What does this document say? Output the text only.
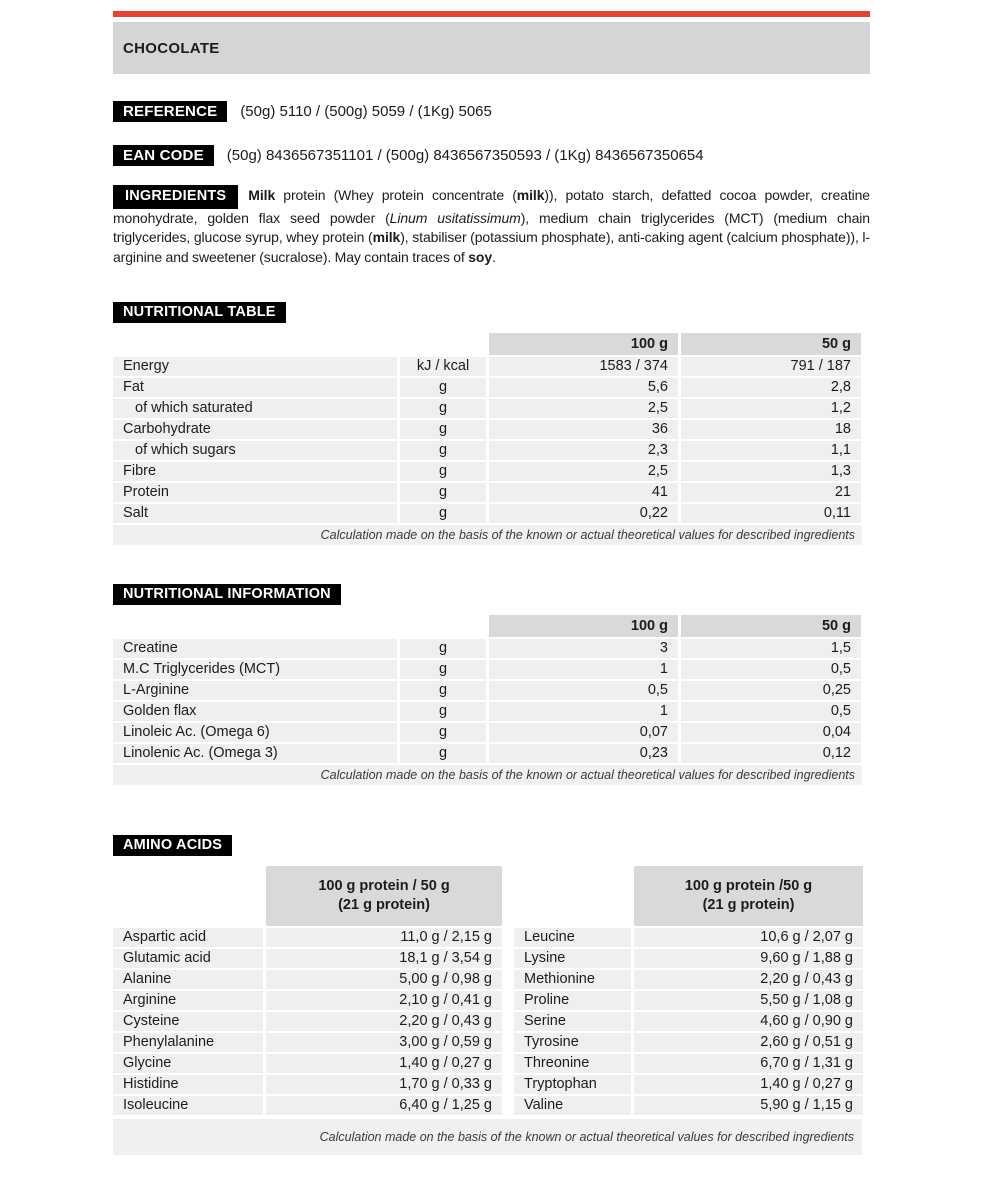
CHOCOLATE
REFERENCE	(50g) 5110 / (500g) 5059 / (1Kg) 5065
EAN CODE	(50g) 8436567351101 / (500g) 8436567350593 / (1Kg) 8436567350654
INGREDIENTS Milk protein (Whey protein concentrate (milk)), potato starch, defatted cocoa powder, creatine monohydrate, golden flax seed powder (Linum usitatissimum), medium chain triglycerides (MCT) (medium chain triglycerides, glucose syrup, whey protein (milk), stabiliser (potassium phosphate), anti-caking agent (calcium phosphate)), l-arginine and sweetener (sucralose). May contain traces of soy.
NUTRITIONAL TABLE
100 g	50 g
Energy	kJ / kcal	1583 / 374	791 / 187
Fat	g	5,6	2,8
of which saturated	g	2,5	1,2
Carbohydrate	g	36	18
of which sugars	g	2,3	1,1
Fibre	g	2,5	1,3
Protein	g	41	21
Salt	g	0,22	0,11
Calculation made on the basis of the known or actual theoretical values for described ingredients
NUTRITIONAL INFORMATION
100 g	50 g
Creatine	g	3	1,5
M.C Triglycerides (MCT)	g	1	0,5
L-Arginine	g	0,5	0,25
Golden flax	g	1	0,5
Linoleic Ac. (Omega 6)	g	0,07	0,04
Linolenic Ac. (Omega 3)	g	0,23	0,12
Calculation made on the basis of the known or actual theoretical values for described ingredients
AMINO ACIDS
100 g protein / 50 g
(21 g protein)
Aspartic acid	11,0 g / 2,15 g
Glutamic acid	18,1 g / 3,54 g
Alanine	5,00 g / 0,98 g
Arginine	2,10 g / 0,41 g
Cysteine	2,20 g / 0,43 g
Phenylalanine	3,00 g / 0,59 g
Glycine	1,40 g / 0,27 g
Histidine	1,70 g / 0,33 g
Isoleucine	6,40 g / 1,25 g
100 g protein /50 g
(21 g protein)
Leucine	10,6 g / 2,07 g
Lysine	9,60 g / 1,88 g
Methionine	2,20 g / 0,43 g
Proline	5,50 g / 1,08 g
Serine	4,60 g / 0,90 g
Tyrosine	2,60 g / 0,51 g
Threonine	6,70 g / 1,31 g
Tryptophan	1,40 g / 0,27 g
Valine	5,90 g / 1,15 g
Calculation made on the basis of the known or actual theoretical values for described ingredients
